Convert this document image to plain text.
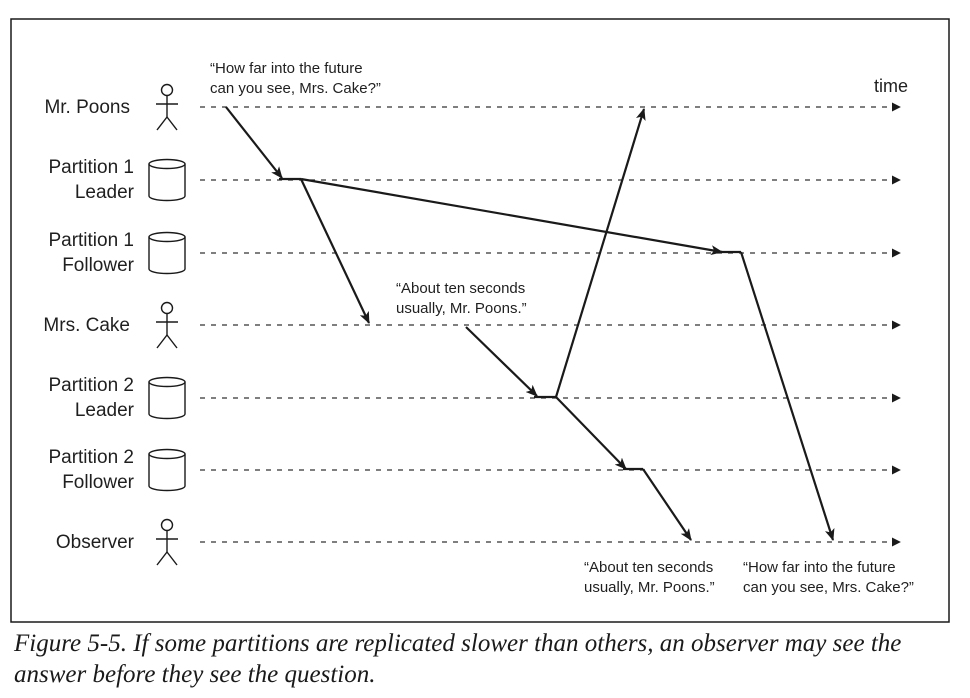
Mr. Poons
Partition 1
Leader
Partition 1
Follower
Mrs. Cake
Partition 2
Leader
Partition 2
Follower
Observer
time
“How far into the future
can you see, Mrs. Cake?”
“About ten seconds
usually, Mr. Poons.”
“About ten seconds
usually, Mr. Poons.”
“How far into the future
can you see, Mrs. Cake?”
Figure 5-5. If some partitions are replicated slower than others, an observer may see the answer before they see the question.
